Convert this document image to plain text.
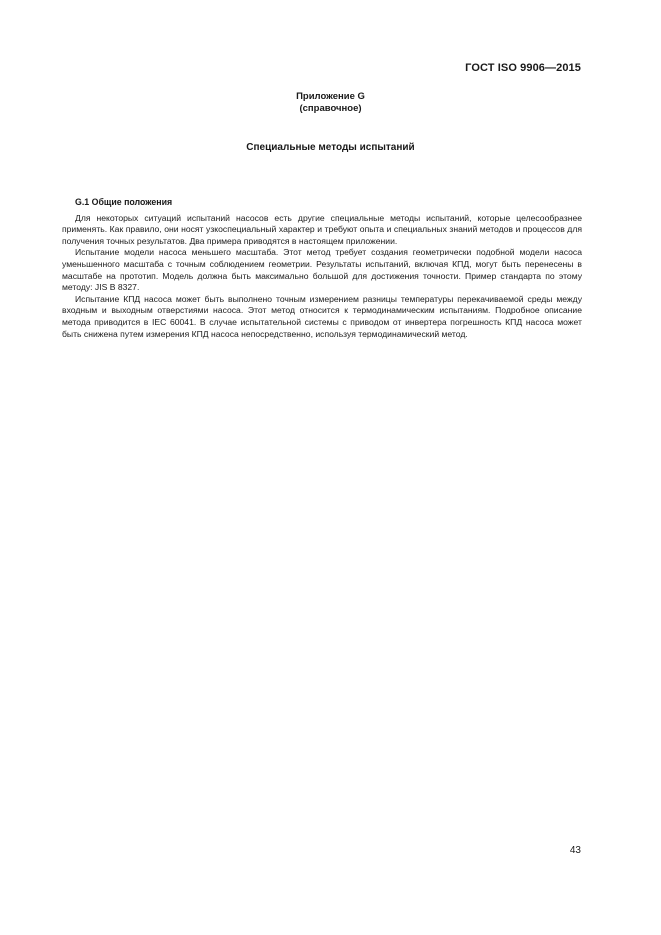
ГОСТ ISO 9906—2015
Приложение G
(справочное)
Специальные методы испытаний
G.1 Общие положения

Для некоторых ситуаций испытаний насосов есть другие специальные методы испытаний, которые целесообразнее применять. Как правило, они носят узкоспециальный характер и требуют опыта и специальных знаний методов и процессов для получения точных результатов. Два примера приводятся в настоящем приложении.

Испытание модели насоса меньшего масштаба. Этот метод требует создания геометрически подобной модели насоса уменьшенного масштаба с точным соблюдением геометрии. Результаты испытаний, включая КПД, могут быть перенесены в масштабе на прототип. Модель должна быть максимально большой для достижения точности. Пример стандарта по этому методу: JIS B 8327.

Испытание КПД насоса может быть выполнено точным измерением разницы температуры перекачиваемой среды между входным и выходным отверстиями насоса. Этот метод относится к термодинамическим испытаниям. Подробное описание метода приводится в IEC 60041. В случае испытательной системы с приводом от инвертера погрешность КПД насоса может быть снижена путем измерения КПД насоса непосредственно, используя термодинамический метод.

43
